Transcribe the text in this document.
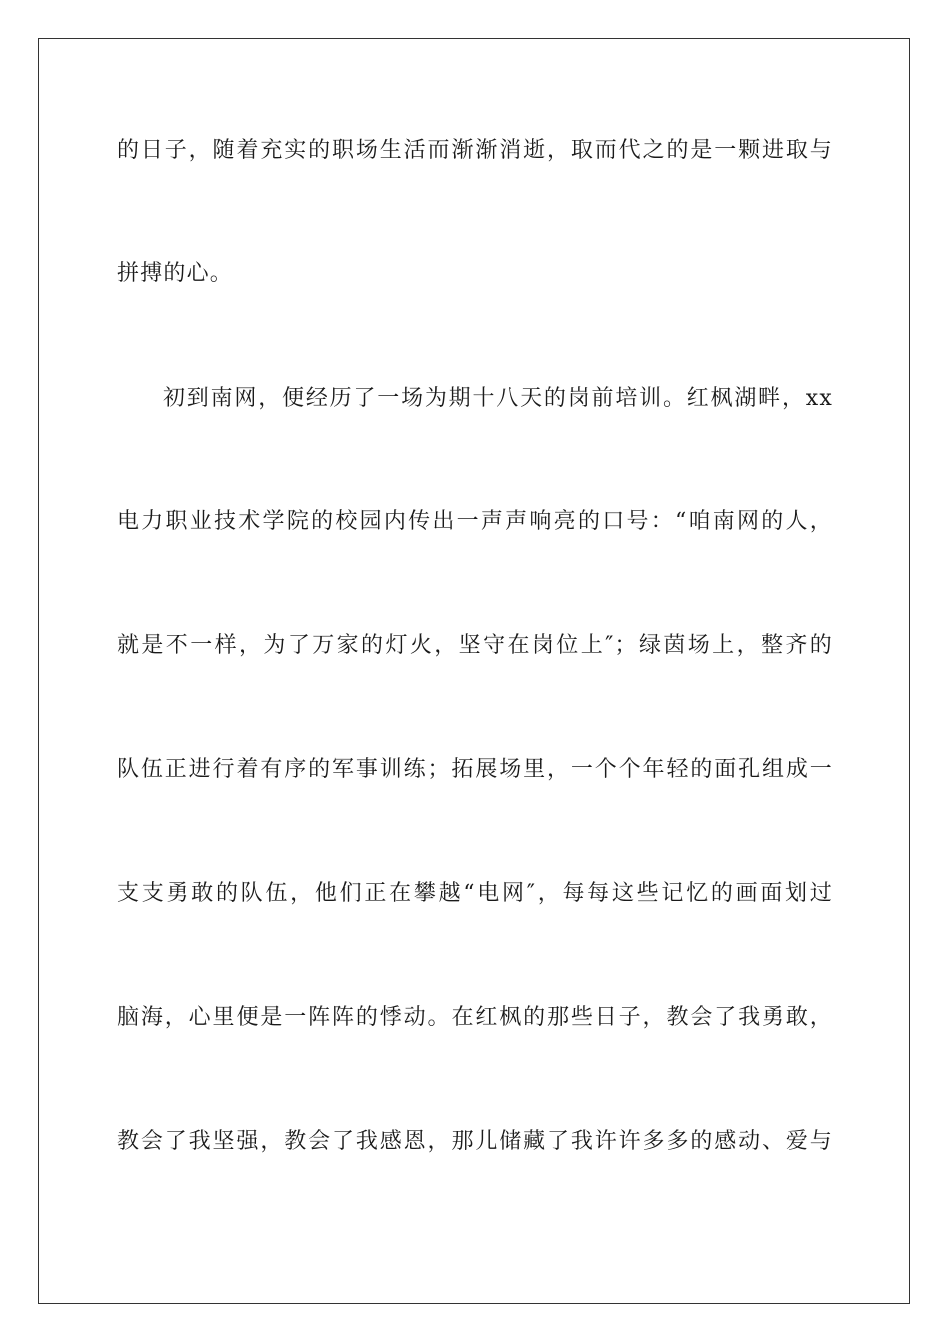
的日子，随着充实的职场生活而渐渐消逝，取而代之的是一颗进取与
拼搏的心。
初到南网，便经历了一场为期十八天的岗前培训。红枫湖畔，xx
电力职业技术学院的校园内传出一声声响亮的口号：“咱南网的人，
就是不一样，为了万家的灯火，坚守在岗位上″；绿茵场上，整齐的
队伍正进行着有序的军事训练；拓展场里，一个个年轻的面孔组成一
支支勇敢的队伍，他们正在攀越“电网″，每每这些记忆的画面划过
脑海，心里便是一阵阵的悸动。在红枫的那些日子，教会了我勇敢，
教会了我坚强，教会了我感恩，那儿储藏了我许许多多的感动、爱与
